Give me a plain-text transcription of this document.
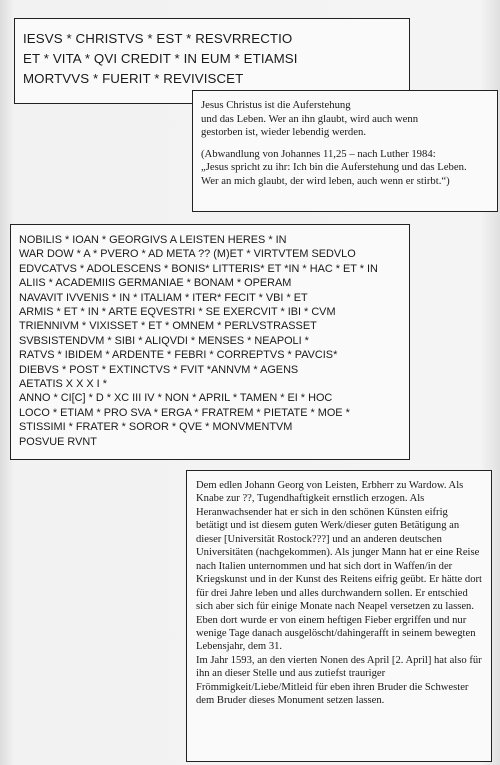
IESVS * CHRISTVS * EST * RESVRRECTIO
ET * VITA * QVI CREDIT * IN EUM * ETIAMSI
MORTVVS * FUERIT * REVIVISCET
Jesus Christus ist die Auferstehung
und das Leben. Wer an ihn glaubt, wird auch wenn
gestorben ist, wieder lebendig werden.
(Abwandlung von Johannes 11,25 – nach Luther 1984:
„Jesus spricht zu ihr: Ich bin die Auferstehung und das Leben.
Wer an mich glaubt, der wird leben, auch wenn er stirbt.“)
NOBILIS * IOAN * GEORGIVS A LEISTEN HERES * IN
WAR DOW * A * PVERO * AD META ?? (M)ET * VIRTVTEM SEDVLO
EDVCATVS * ADOLESCENS * BONIS* LITTERIS* ET *IN * HAC * ET * IN
ALIIS * ACADEMIIS GERMANIAE * BONAM * OPERAM
NAVAVIT IVVENIS * IN * ITALIAM * ITER* FECIT * VBI * ET
ARMIS * ET * IN * ARTE EQVESTRI * SE EXERCVIT * IBI * CVM
TRIENNIVM * VIXISSET * ET * OMNEM * PERLVSTRASSET
SVBSISTENDVM * SIBI * ALIQVDI * MENSES * NEAPOLI *
RATVS * IBIDEM * ARDENTE * FEBRI * CORREPTVS * PAVCIS*
DIEBVS * POST * EXTINCTVS * FVIT *ANNVM * AGENS
AETATIS X X X I *
ANNO * CI[C] * D * XC III IV * NON * APRIL * TAMEN * EI * HOC
LOCO * ETIAM * PRO SVA * ERGA * FRATREM * PIETATE * MOE *
STISSIMI * FRATER * SOROR * QVE * MONVMENTVM
POSVUE RVNT

Dem edlen Johann Georg von Leisten, Erbherr zu Wardow. Als Knabe zur ??, Tugendhaftigkeit ernstlich erzogen. Als Heranwachsender hat er sich in den schönen Künsten eifrig betätigt und ist diesem guten Werk/dieser guten Betätigung an dieser [Universität Rostock???] und an anderen deutschen Universitäten (nachgekommen). Als junger Mann hat er eine Reise nach Italien unternommen und hat sich dort in Waffen/in der Kriegskunst und in der Kunst des Reitens eifrig geübt. Er hätte dort für drei Jahre leben und alles durchwandern sollen. Er entschied sich aber sich für einige Monate nach Neapel versetzen zu lassen. Eben dort wurde er von einem heftigen Fieber ergriffen und nur wenige Tage danach ausgelöscht/dahingerafft in seinem bewegten Lebensjahr, dem 31.

Im Jahr 1593, an den vierten Nonen des April [2. April] hat also für ihn an dieser Stelle und aus zutiefst trauriger Frömmigkeit/Liebe/Mitleid für eben ihren Bruder die Schwester dem Bruder dieses Monument setzen lassen.
